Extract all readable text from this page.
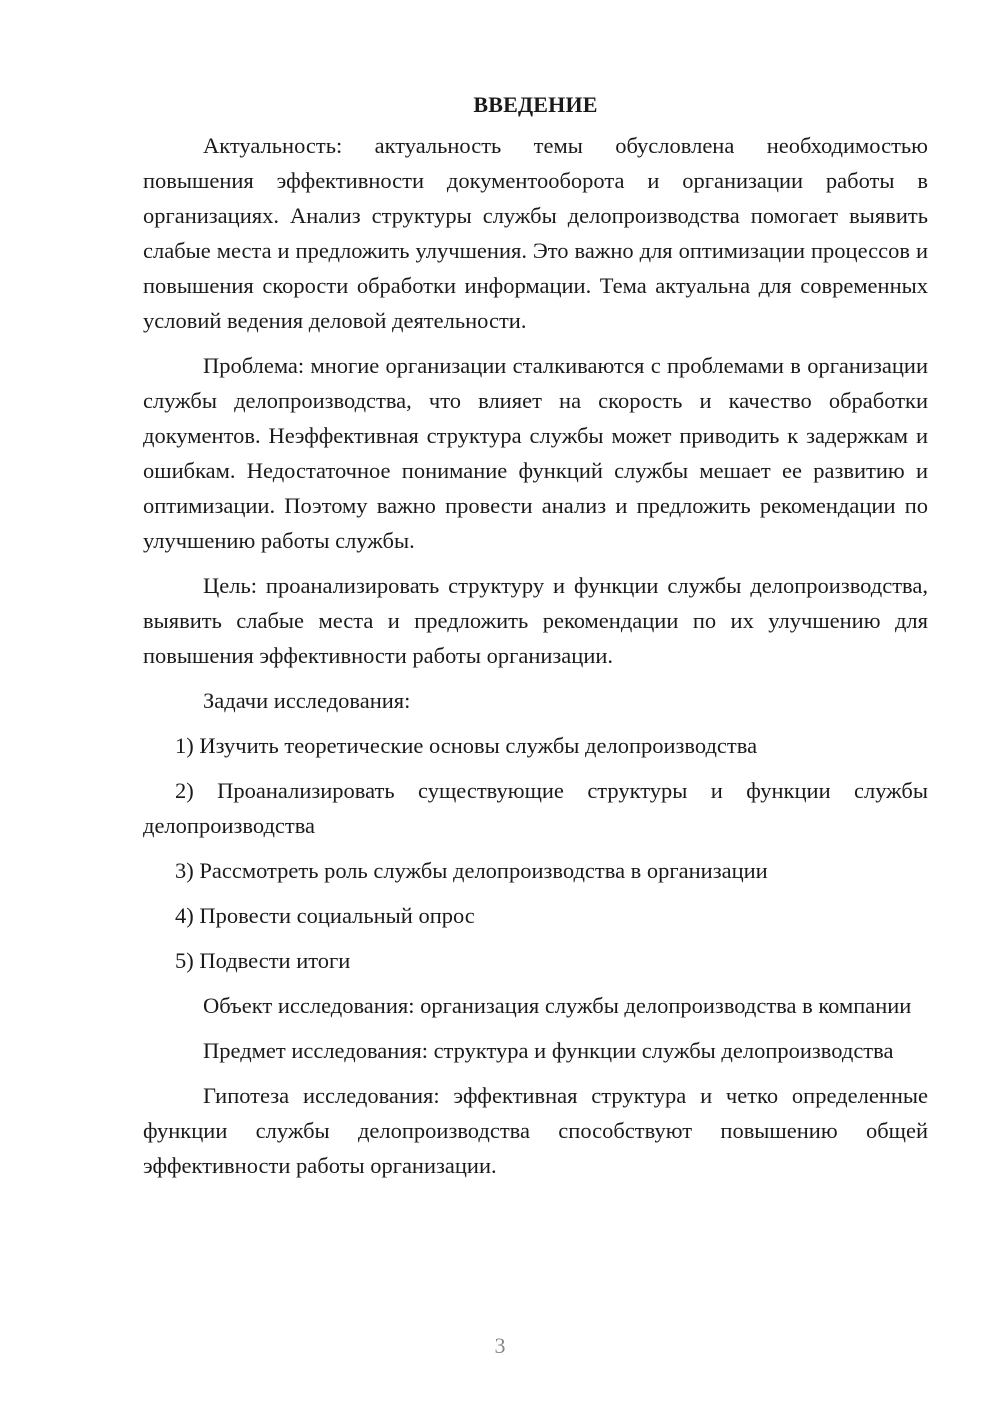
ВВЕДЕНИЕ

Актуальность: актуальность темы обусловлена необходимостью повышения эффективности документооборота и организации работы в организациях. Анализ структуры службы делопроизводства помогает выявить слабые места и предложить улучшения. Это важно для оптимизации процессов и повышения скорости обработки информации. Тема актуальна для современных условий ведения деловой деятельности.

Проблема: многие организации сталкиваются с проблемами в организации службы делопроизводства, что влияет на скорость и качество обработки документов. Неэффективная структура службы может приводить к задержкам и ошибкам. Недостаточное понимание функций службы мешает ее развитию и оптимизации. Поэтому важно провести анализ и предложить рекомендации по улучшению работы службы.

Цель: проанализировать структуру и функции службы делопроизводства, выявить слабые места и предложить рекомендации по их улучшению для повышения эффективности работы организации.

Задачи исследования:

1) Изучить теоретические основы службы делопроизводства

2) Проанализировать существующие структуры и функции службы делопроизводства

3) Рассмотреть роль службы делопроизводства в организации

4) Провести социальный опрос

5) Подвести итоги

Объект исследования: организация службы делопроизводства в компании

Предмет исследования: структура и функции службы делопроизводства

Гипотеза исследования: эффективная структура и четко определенные функции службы делопроизводства способствуют повышению общей эффективности работы организации.

3
